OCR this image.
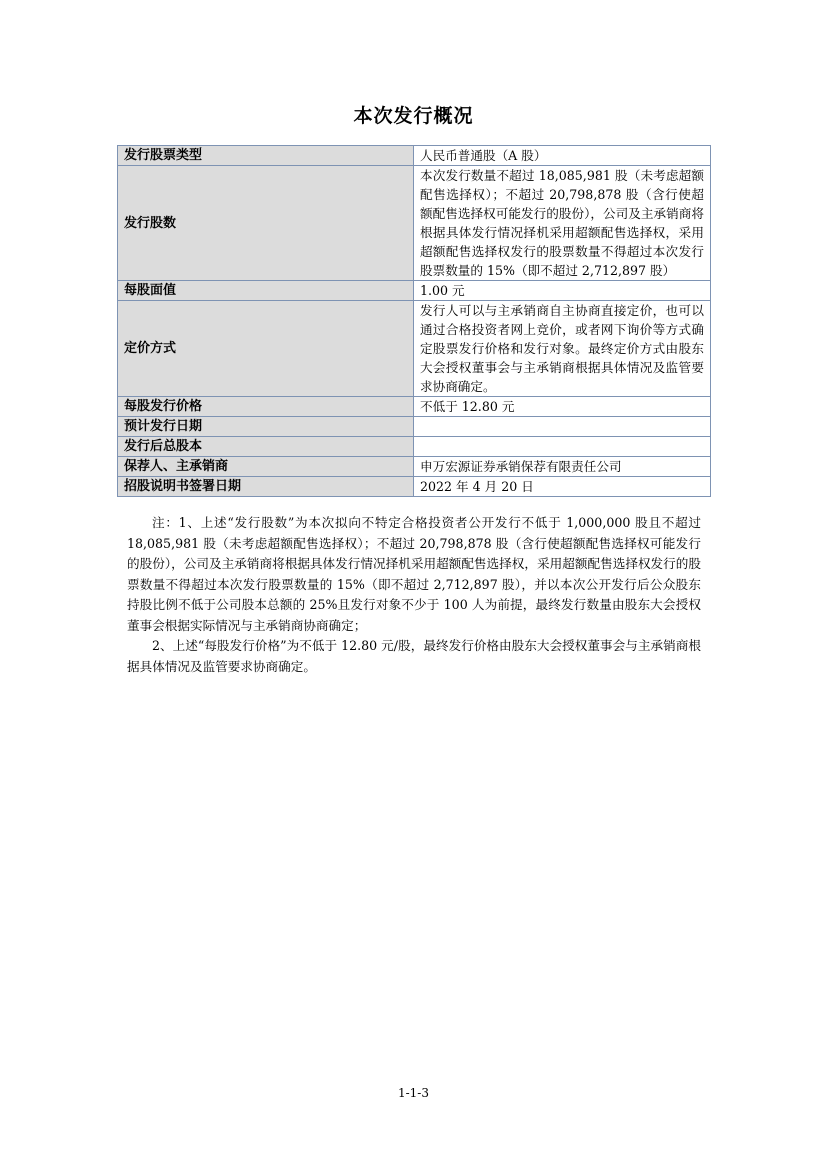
本次发行概况
发行股票类型	人民币普通股（A 股）
发行股数	本次发行数量不超过 18,085,981 股（未考虑超额配售选择权）；不超过 20,798,878 股（含行使超额配售选择权可能发行的股份），公司及主承销商将根据具体发行情况择机采用超额配售选择权，采用超额配售选择权发行的股票数量不得超过本次发行股票数量的 15%（即不超过 2,712,897 股）
每股面值	1.00 元
定价方式	发行人可以与主承销商自主协商直接定价，也可以通过合格投资者网上竞价，或者网下询价等方式确定股票发行价格和发行对象。最终定价方式由股东大会授权董事会与主承销商根据具体情况及监管要求协商确定。
每股发行价格	不低于 12.80 元
预计发行日期	
发行后总股本	
保荐人、主承销商	申万宏源证券承销保荐有限责任公司
招股说明书签署日期	2022 年 4 月 20 日

注：1、上述“发行股数”为本次拟向不特定合格投资者公开发行不低于 1,000,000 股且不超过 18,085,981 股（未考虑超额配售选择权）；不超过 20,798,878 股（含行使超额配售选择权可能发行的股份），公司及主承销商将根据具体发行情况择机采用超额配售选择权，采用超额配售选择权发行的股票数量不得超过本次发行股票数量的 15%（即不超过 2,712,897 股），并以本次公开发行后公众股东持股比例不低于公司股本总额的 25%且发行对象不少于 100 人为前提，最终发行数量由股东大会授权董事会根据实际情况与主承销商协商确定；

2、上述“每股发行价格”为不低于 12.80 元/股，最终发行价格由股东大会授权董事会与主承销商根据具体情况及监管要求协商确定。

1-1-3
